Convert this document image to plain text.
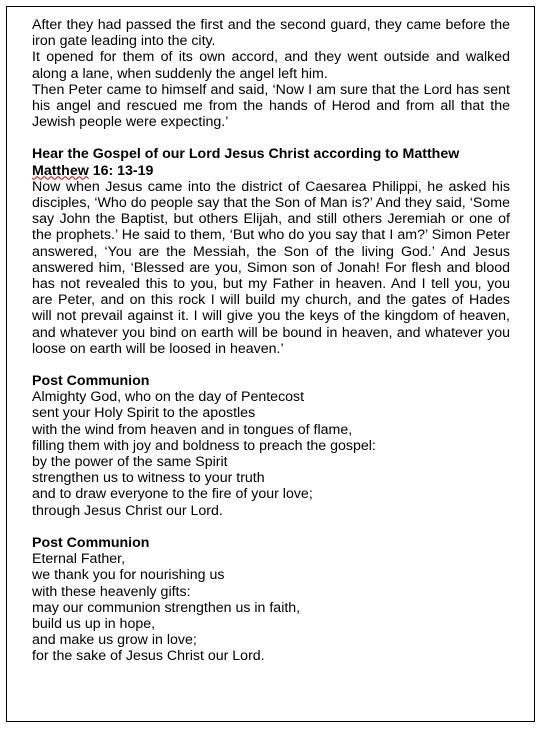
After they had passed the first and the second guard, they came before the iron gate leading into the city.

It opened for them of its own accord, and they went outside and walked along a lane, when suddenly the angel left him.

Then Peter came to himself and said, ‘Now I am sure that the Lord has sent his angel and rescued me from the hands of Herod and from all that the Jewish people were expecting.’

Hear the Gospel of our Lord Jesus Christ according to Matthew
Matthew 16: 13-19

Now when Jesus came into the district of Caesarea Philippi, he asked his disciples, ‘Who do people say that the Son of Man is?’ And they said, ‘Some say John the Baptist, but others Elijah, and still others Jeremiah or one of the prophets.’ He said to them, ‘But who do you say that I am?’ Simon Peter answered, ‘You are the Messiah, the Son of the living God.’ And Jesus answered him, ‘Blessed are you, Simon son of Jonah! For flesh and blood has not revealed this to you, but my Father in heaven. And I tell you, you are Peter, and on this rock I will build my church, and the gates of Hades will not prevail against it. I will give you the keys of the kingdom of heaven, and whatever you bind on earth will be bound in heaven, and whatever you loose on earth will be loosed in heaven.’

Post Communion

Almighty God, who on the day of Pentecost

sent your Holy Spirit to the apostles

with the wind from heaven and in tongues of flame,

filling them with joy and boldness to preach the gospel:

by the power of the same Spirit

strengthen us to witness to your truth

and to draw everyone to the fire of your love;

through Jesus Christ our Lord.

Post Communion

Eternal Father,

we thank you for nourishing us

with these heavenly gifts:

may our communion strengthen us in faith,

build us up in hope,

and make us grow in love;

for the sake of Jesus Christ our Lord.
